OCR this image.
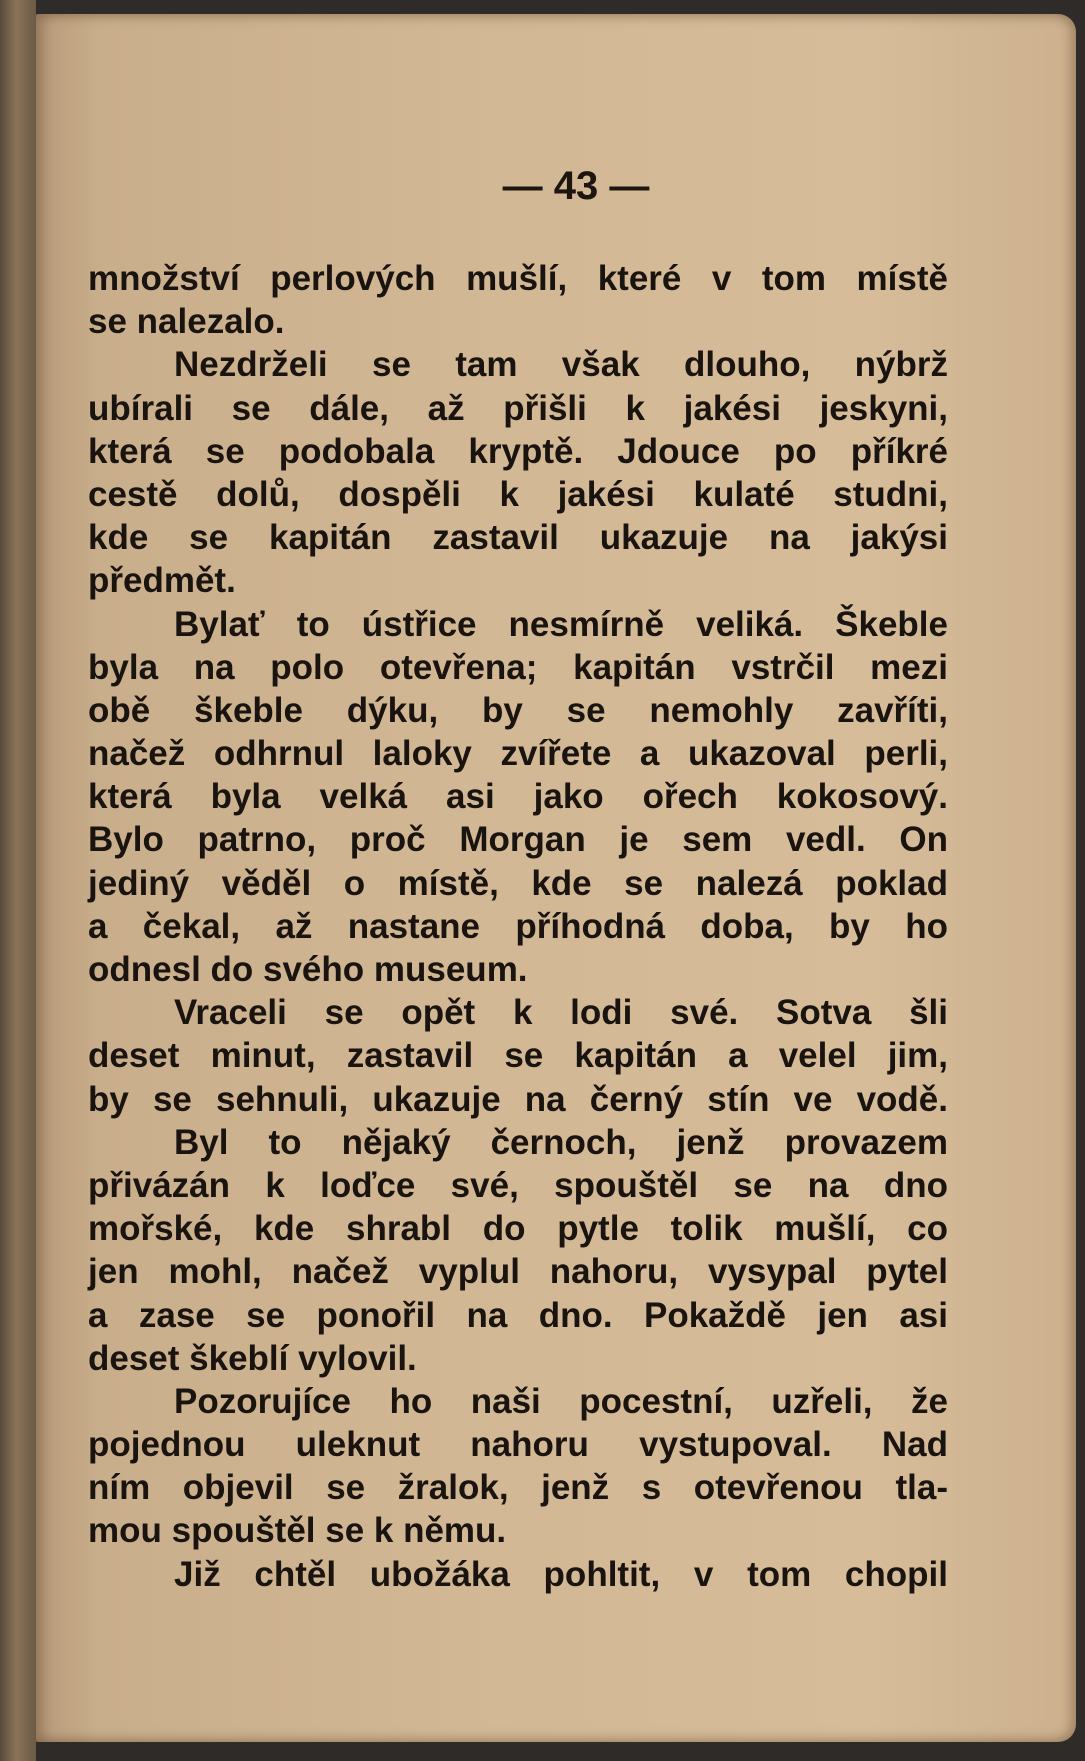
— 43 —
množství perlových mušlí, které v tom místě
se nalezalo.
Nezdrželi se tam však dlouho, nýbrž
ubírali se dále, až přišli k jakési jeskyni,
která se podobala kryptě. Jdouce po příkré
cestě dolů, dospěli k jakési kulaté studni,
kde se kapitán zastavil ukazuje na jakýsi
předmět.
Bylať to ústřice nesmírně veliká. Škeble
byla na polo otevřena; kapitán vstrčil mezi
obě škeble dýku, by se nemohly zavříti,
načež odhrnul laloky zvířete a ukazoval perli,
která byla velká asi jako ořech kokosový.
Bylo patrno, proč Morgan je sem vedl. On
jediný věděl o místě, kde se nalezá poklad
a čekal, až nastane příhodná doba, by ho
odnesl do svého museum.
Vraceli se opět k lodi své. Sotva šli
deset minut, zastavil se kapitán a velel jim,
by se sehnuli, ukazuje na černý stín ve vodě.
Byl to nějaký černoch, jenž provazem
přivázán k loďce své, spouštěl se na dno
mořské, kde shrabl do pytle tolik mušlí, co
jen mohl, načež vyplul nahoru, vysypal pytel
a zase se ponořil na dno. Pokaždě jen asi
deset škeblí vylovil.
Pozorujíce ho naši pocestní, uzřeli, že
pojednou uleknut nahoru vystupoval. Nad
ním objevil se žralok, jenž s otevřenou tla-
mou spouštěl se k němu.
Již chtěl ubožáka pohltit, v tom chopil
